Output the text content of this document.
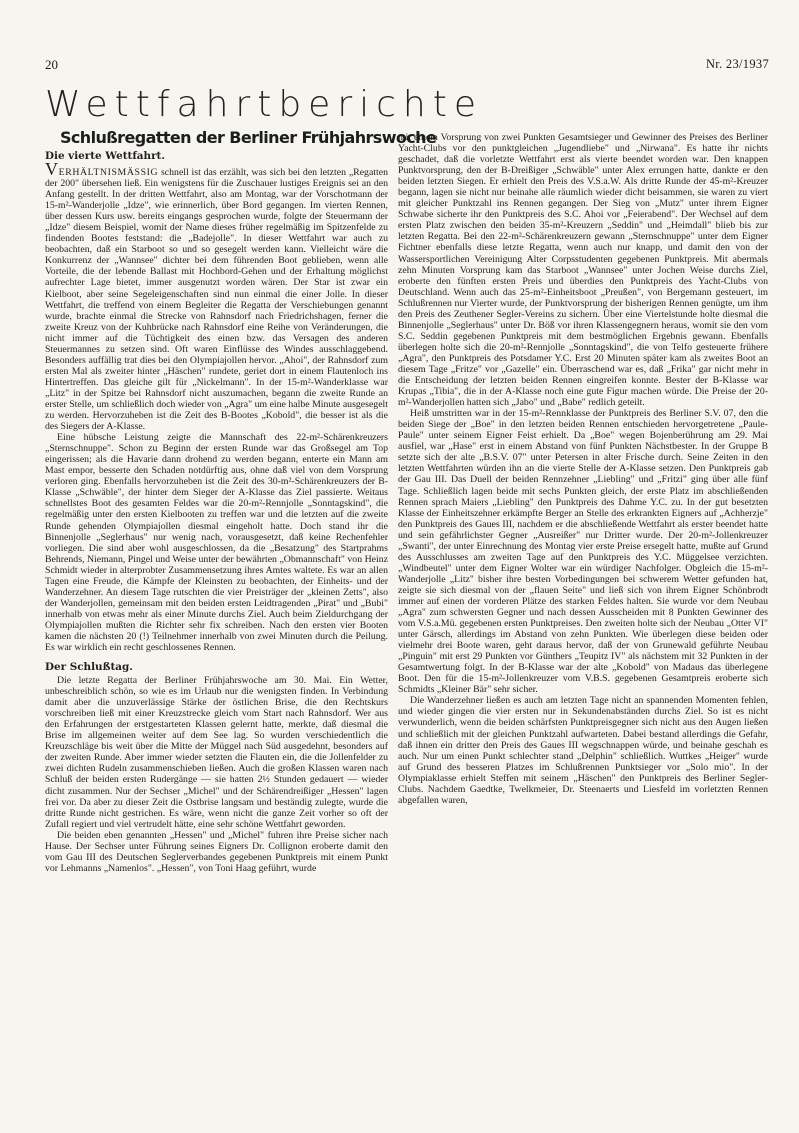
20	Nr. 23/1937
Wettfahrtberichte
Schlußregatten der Berliner Frühjahrswoche
Die vierte Wettfahrt.

VERHÄLTNISMÄSSIG schnell ist das erzählt, was sich bei den letzten „Regatten der 200" übersehen ließ. Ein wenigstens für die Zuschauer lustiges Ereignis sei an den Anfang gestellt. In der dritten Wettfahrt, also am Montag, war der Vorschotmann der 15-m²-Wanderjolle „Idze", wie erinnerlich, über Bord gegangen. Im vierten Rennen, über dessen Kurs usw. bereits eingangs gesprochen wurde, folgte der Steuermann der „Idze" diesem Beispiel, womit der Name dieses früher regelmäßig im Spitzenfelde zu findenden Bootes feststand: die „Badejolle". In dieser Wettfahrt war auch zu beobachten, daß ein Starboot so und so gesegelt werden kann. Vielleicht wäre die Konkurrenz der „Wannsee" dichter bei dem führenden Boot geblieben, wenn alle Vorteile, die der lebende Ballast mit Hochbord-Gehen und der Erhaltung möglichst aufrechter Lage bietet, immer ausgenutzt worden wären. Der Star ist zwar ein Kielboot, aber seine Segeleigenschaften sind nun einmal die einer Jolle. In dieser Wettfahrt, die treffend von einem Begleiter die Regatta der Verschiebungen genannt wurde, brachte einmal die Strecke von Rahnsdorf nach Friedrichshagen, ferner die zweite Kreuz von der Kuhbrücke nach Rahnsdorf eine Reihe von Veränderungen, die nicht immer auf die Tüchtigkeit des einen bzw. das Versagen des anderen Steuermannes zu setzen sind. Oft waren Einflüsse des Windes ausschlaggebend. Besonders auffällig trat dies bei den Olympiajollen hervor. „Ahoi", der Rahnsdorf zum ersten Mal als zweiter hinter „Häschen" rundete, geriet dort in einem Flautenloch ins Hintertreffen. Das gleiche gilt für „Nickelmann". In der 15-m²-Wanderklasse war „Litz" in der Spitze bei Rahnsdorf nicht auszumachen, begann die zweite Runde an erster Stelle, um schließlich doch wieder von „Agra" um eine halbe Minute ausgesegelt zu werden. Hervorzuheben ist die Zeit des B-Bootes „Kobold", die besser ist als die des Siegers der A-Klasse.

Eine hübsche Leistung zeigte die Mannschaft des 22-m²-Schärenkreuzers „Sternschnuppe". Schon zu Beginn der ersten Runde war das Großsegel am Top eingerissen; als die Havarie dann drohend zu werden begann, enterte ein Mann am Mast empor, besserte den Schaden notdürftig aus, ohne daß viel von dem Vorsprung verloren ging. Ebenfalls hervorzuheben ist die Zeit des 30-m²-Schärenkreuzers der B-Klasse „Schwäble", der hinter dem Sieger der A-Klasse das Ziel passierte. Weitaus schnellstes Boot des gesamten Feldes war die 20-m²-Rennjolle „Sonntagskind", die regelmäßig unter den ersten Kielbooten zu treffen war und die letzten auf die zweite Runde gehenden Olympiajollen diesmal eingeholt hatte. Doch stand ihr die Binnenjolle „Seglerhaus" nur wenig nach, vorausgesetzt, daß keine Rechenfehler vorliegen. Die sind aber wohl ausgeschlossen, da die „Besatzung" des Startprahms Behrends, Niemann, Pingel und Weise unter der bewährten „Obmannschaft" von Heinz Schmidt wieder in alterprobter Zusammensetzung ihres Amtes waltete. Es war an allen Tagen eine Freude, die Kämpfe der Kleinsten zu beobachten, der Einheits- und der Wanderzehner. An diesem Tage rutschten die vier Preisträger der „kleinen Zetts", also der Wanderjollen, gemeinsam mit den beiden ersten Leidtragenden „Pirat" und „Bubi" innerhalb von etwas mehr als einer Minute durchs Ziel. Auch beim Zieldurchgang der Olympiajollen mußten die Richter sehr fix schreiben. Nach den ersten vier Booten kamen die nächsten 20 (!) Teilnehmer innerhalb von zwei Minuten durch die Peilung. Es war wirklich ein recht geschlossenes Rennen.

Der Schlußtag.

Die letzte Regatta der Berliner Frühjahrswoche am 30. Mai. Ein Wetter, unbeschreiblich schön, so wie es im Urlaub nur die wenigsten finden. In Verbindung damit aber die unzuverlässige Stärke der östlichen Brise, die den Rechtskurs vorschreiben ließ mit einer Kreuzstrecke gleich vom Start nach Rahnsdorf. Wer aus den Erfahrungen der erstgestarteten Klassen gelernt hatte, merkte, daß diesmal die Brise im allgemeinen weiter auf dem See lag. So wurden verschiedentlich die Kreuzschläge bis weit über die Mitte der Müggel nach Süd ausgedehnt, besonders auf der zweiten Runde. Aber immer wieder setzten die Flauten ein, die die Jollenfelder zu zwei dichten Rudeln zusammenschieben ließen. Auch die großen Klassen waren nach Schluß der beiden ersten Rudergänge — sie hatten 2½ Stunden gedauert — wieder dicht zusammen. Nur der Sechser „Michel" und der Schärendreißiger „Hessen" lagen frei vor. Da aber zu dieser Zeit die Ostbrise langsam und beständig zulegte, wurde die dritte Runde nicht gestrichen. Es wäre, wenn nicht die ganze Zeit vorher so oft der Zufall regiert und viel vertrudelt hätte, eine sehr schöne Wettfahrt geworden.

Die beiden eben genannten „Hessen" und „Michel" fuhren ihre Preise sicher nach Hause. Der Sechser unter Führung seines Eigners Dr. Collignon eroberte damit den vom Gau III des Deutschen Seglerverbandes gegebenen Punktpreis mit einem Punkt vor Lehmanns „Namenlos". „Hessen", von Toni Haag geführt, wurde

mit einem Vorsprung von zwei Punkten Gesamtsieger und Gewinner des Preises des Berliner Yacht-Clubs vor den punktgleichen „Jugendliebe" und „Nirwana". Es hatte ihr nichts geschadet, daß die vorletzte Wettfahrt erst als vierte beendet worden war. Den knappen Punktvorsprung, den der B-Dreißiger „Schwäble" unter Alex errungen hatte, dankte er den beiden letzten Siegen. Er erhielt den Preis des V.S.a.W. Als dritte Runde der 45-m²-Kreuzer begann, lagen sie nicht nur beinahe alle räumlich wieder dicht beisammen, sie waren zu viert mit gleicher Punktzahl ins Rennen gegangen. Der Sieg von „Mutz" unter ihrem Eigner Schwabe sicherte ihr den Punktpreis des S.C. Ahoi vor „Feierabend". Der Wechsel auf dem ersten Platz zwischen den beiden 35-m²-Kreuzern „Seddin" und „Heimdall" blieb bis zur letzten Regatta. Bei den 22-m²-Schärenkreuzern gewann „Sternschnuppe" unter dem Eigner Fichtner ebenfalls diese letzte Regatta, wenn auch nur knapp, und damit den von der Wassersportlichen Vereinigung Alter Corpsstudenten gegebenen Punktpreis. Mit abermals zehn Minuten Vorsprung kam das Starboot „Wannsee" unter Jochen Weise durchs Ziel, eroberte den fünften ersten Preis und überdies den Punktpreis des Yacht-Clubs von Deutschland. Wenn auch das 25-m²-Einheitsboot „Preußen", von Bergemann gesteuert, im Schlußrennen nur Vierter wurde, der Punktvorsprung der bisherigen Rennen genügte, um ihm den Preis des Zeuthener Segler-Vereins zu sichern. Über eine Viertelstunde holte diesmal die Binnenjolle „Seglerhaus" unter Dr. Böß vor ihren Klassengegnern heraus, womit sie den vom S.C. Seddin gegebenen Punktpreis mit dem bestmöglichen Ergebnis gewann. Ebenfalls überlegen holte sich die 20-m²-Rennjolle „Sonntagskind", die von Telfo gesteuerte frühere „Agra", den Punktpreis des Potsdamer Y.C. Erst 20 Minuten später kam als zweites Boot an diesem Tage „Fritze" vor „Gazelle" ein. Überraschend war es, daß „Frika" gar nicht mehr in die Entscheidung der letzten beiden Rennen eingreifen konnte. Bester der B-Klasse war Krupas „Tibia", die in der A-Klasse noch eine gute Figur machen würde. Die Preise der 20-m²-Wanderjollen hatten sich „Jabo" und „Babe" redlich geteilt.

Heiß umstritten war in der 15-m²-Rennklasse der Punktpreis des Berliner S.V. 07, den die beiden Siege der „Boe" in den letzten beiden Rennen entschieden hervorgetretene „Paule-Paule" unter seinem Eigner Feist erhielt. Da „Boe" wegen Bojenberührung am 29. Mai ausfiel, war „Hase" erst in einem Abstand von fünf Punkten Nächstbester. In der Gruppe B setzte sich der alte „B.S.V. 07" unter Petersen in alter Frische durch. Seine Zeiten in den letzten Wettfahrten würden ihn an die vierte Stelle der A-Klasse setzen. Den Punktpreis gab der Gau III. Das Duell der beiden Rennzehner „Liebling" und „Fritzi" ging über alle fünf Tage. Schließlich lagen beide mit sechs Punkten gleich, der erste Platz im abschließenden Rennen sprach Maiers „Liebling" den Punktpreis des Dahme Y.C. zu. In der gut besetzten Klasse der Einheitszehner erkämpfte Berger an Stelle des erkrankten Eigners auf „Achherzje" den Punktpreis des Gaues III, nachdem er die abschließende Wettfahrt als erster beendet hatte und sein gefährlichster Gegner „Ausreißer" nur Dritter wurde. Der 20-m²-Jollenkreuzer „Swanti", der unter Einrechnung des Montag vier erste Preise ersegelt hatte, mußte auf Grund des Ausschlusses am zweiten Tage auf den Punktpreis des Y.C. Müggelsee verzichten. „Windbeutel" unter dem Eigner Wolter war ein würdiger Nachfolger. Obgleich die 15-m²-Wanderjolle „Litz" bisher ihre besten Vorbedingungen bei schwerem Wetter gefunden hat, zeigte sie sich diesmal von der „flauen Seite" und ließ sich von ihrem Eigner Schönbrodt immer auf einen der vorderen Plätze des starken Feldes halten. Sie wurde vor dem Neubau „Agra" zum schwersten Gegner und nach dessen Ausscheiden mit 8 Punkten Gewinner des vom V.S.a.Mü. gegebenen ersten Punktpreises. Den zweiten holte sich der Neubau „Otter VI" unter Gärsch, allerdings im Abstand von zehn Punkten. Wie überlegen diese beiden oder vielmehr drei Boote waren, geht daraus hervor, daß der von Grunewald geführte Neubau „Pinguin" mit erst 29 Punkten vor Günthers „Teupitz IV" als nächstem mit 32 Punkten in der Gesamtwertung folgt. In der B-Klasse war der alte „Kobold" von Madaus das überlegene Boot. Den für die 15-m²-Jollenkreuzer vom V.B.S. gegebenen Gesamtpreis eroberte sich Schmidts „Kleiner Bär" sehr sicher.

Die Wanderzehner ließen es auch am letzten Tage nicht an spannenden Momenten fehlen, und wieder gingen die vier ersten nur in Sekundenabständen durchs Ziel. So ist es nicht verwunderlich, wenn die beiden schärfsten Punktpreisgegner sich nicht aus den Augen ließen und schließlich mit der gleichen Punktzahl aufwarteten. Dabei bestand allerdings die Gefahr, daß ihnen ein dritter den Preis des Gaues III wegschnappen würde, und beinahe geschah es auch. Nur um einen Punkt schlechter stand „Delphin" schließlich. Wuttkes „Heiger" wurde auf Grund des besseren Platzes im Schlußrennen Punktsieger vor „Solo mio". In der Olympiaklasse erhielt Steffen mit seinem „Häschen" den Punktpreis des Berliner Segler-Clubs. Nachdem Gaedtke, Twelkmeier, Dr. Steenaerts und Liesfeld im vorletzten Rennen abgefallen waren,
